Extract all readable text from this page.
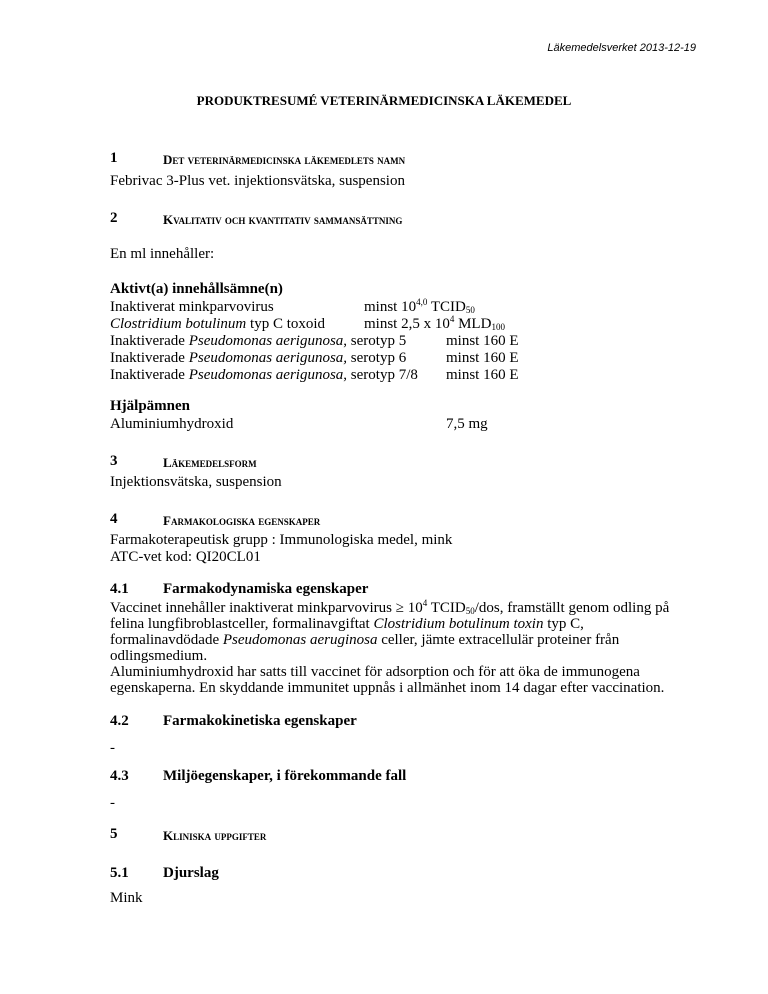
Läkemedelsverket 2013-12-19
PRODUKTRESUMÉ VETERINÄRMEDICINSKA LÄKEMEDEL
1	Det veterinärmedicinska läkemedlets namn
Febrivac 3-Plus vet. injektionsvätska, suspension
2	Kvalitativ och kvantitativ sammansättning
En ml innehåller:
Aktivt(a) innehållsämne(n)
Inaktiverat minkparvovirus	minst 10$^{4,0}$ $TCID_{50}$
Clostridium botulinum typ C toxoid	minst 2,5 x $10^4$ $MLD_{100}$
Inaktiverade Pseudomonas aerigunosa, serotyp 5	minst 160 E
Inaktiverade Pseudomonas aerigunosa, serotyp 6	minst 160 E
Inaktiverade Pseudomonas aerigunosa, serotyp 7/8 minst 160 E
Hjälpämnen
Aluminiumhydroxid	7,5 mg
3	Läkemedelsform
Injektionsvätska, suspension
4	Farmakologiska egenskaper
Farmakoterapeutisk grupp : Immunologiska medel, mink
ATC-vet kod: QI20CL01
4.1 Farmakodynamiska egenskaper
Vaccinet innehåller inaktiverat minkparvovirus ≥ $10^4$ $TCID_{50}$/dos, framställt genom odling på
felina lungfibroblastceller, formalinavgiftat Clostridium botulinum toxin typ C,
formalinavdödade Pseudomonas aeruginosa celler, jämte extracellulär proteiner från
odlingsmedium.
Aluminiumhydroxid har satts till vaccinet för adsorption och för att öka de immunogena
egenskaperna. En skyddande immunitet uppnås i allmänhet inom 14 dagar efter vaccination.
4.2 Farmakokinetiska egenskaper
-
4.3 Miljöegenskaper, i förekommande fall
-
5	Kliniska uppgifter
5.1 Djurslag
Mink
